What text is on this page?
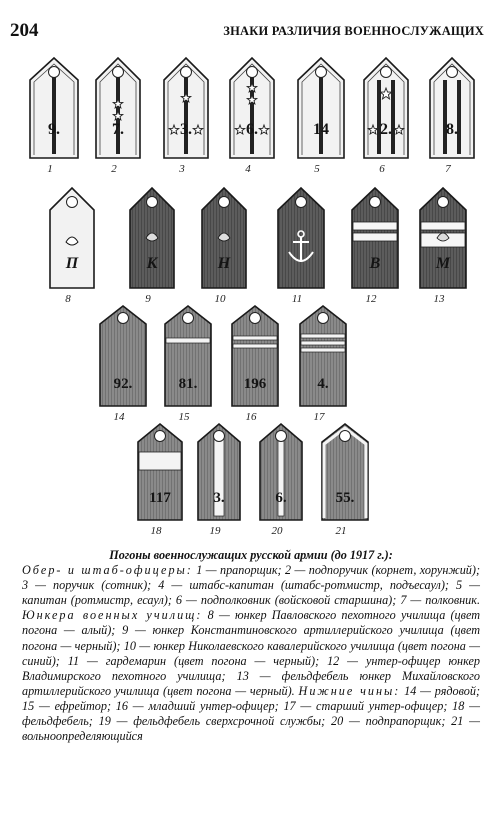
204	ЗНАКИ РАЗЛИЧИЯ ВОЕННОСЛУЖАЩИХ
9.
1
7.
2
3.
3
6.
4
14
5
2.
6
8.
7
П
8
К
9
Н
10	11
В
12
М
13
92.
14
81.
15
196
16
4.
17
117
18
3.
19
6.
20
55.
21
Погоны военнослужащих русской армии (до 1917 г.):

Обер- и штаб-офицеры: 1 — прапорщик; 2 — подпоручик (корнет, хорунжий); 3 — поручик (сотник); 4 — штабс-капитан (штабс-ротмистр, подъесаул); 5 — капитан (ротмистр, есаул); 6 — подполковник (войсковой старшина); 7 — полковник. Юнкера военных училищ: 8 — юнкер Павловского пехотного училища (цвет погона — алый); 9 — юнкер Константиновского артиллерийского училища (цвет погона — черный); 10 — юнкер Николаевского кавалерийского училища (цвет погона — синий); 11 — гардемарин (цвет погона — черный); 12 — унтер-офицер юнкер Владимирского пехотного училища; 13 — фельдфебель юнкер Михайловского артиллерийского училища (цвет погона — черный). Нижние чины: 14 — рядовой; 15 — ефрейтор; 16 — младший унтер-офицер; 17 — старший унтер-офицер; 18 — фельдфебель; 19 — фельдфебель сверхсрочной службы; 20 — подпрапорщик; 21 — вольноопределяющийся
